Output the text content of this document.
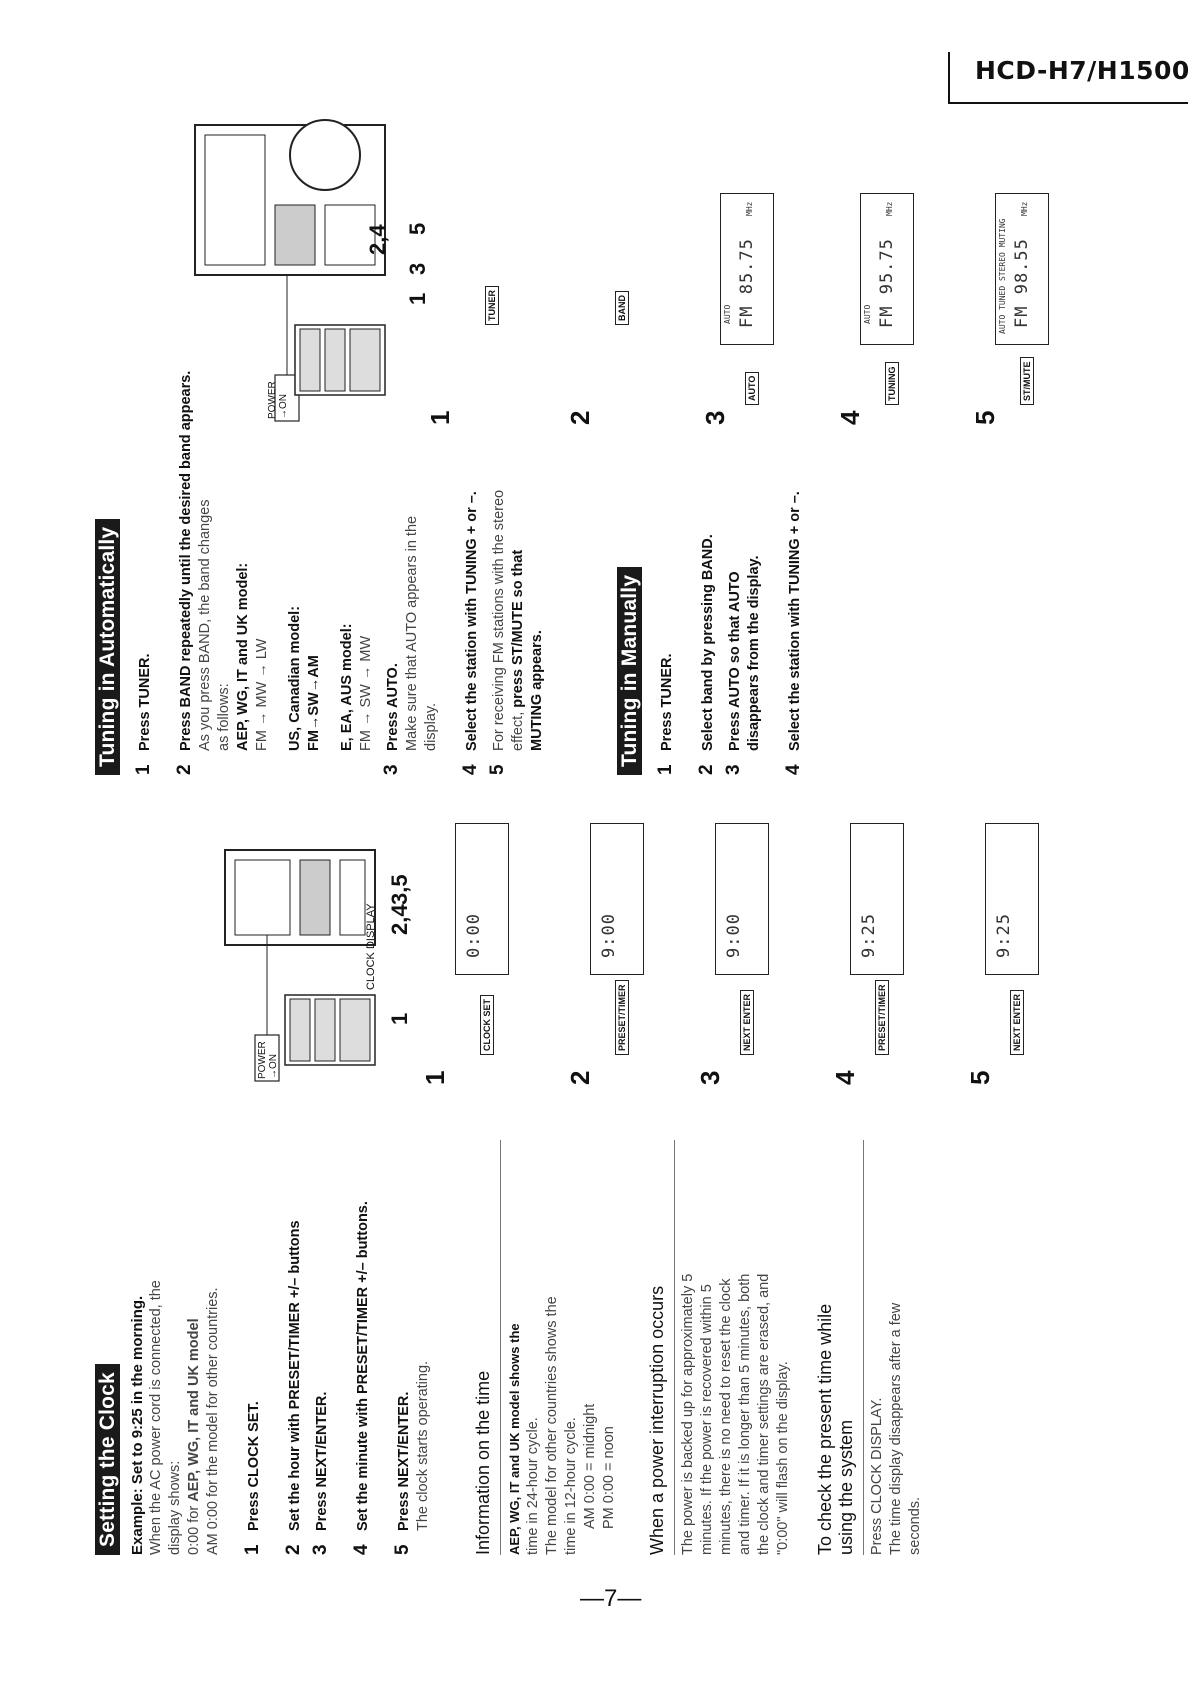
HCD-H7/H1500
Setting the Clock Example: Set to 9:25 in the morning. When the AC power cord is connected, the display shows: 0:00 for AEP, WG, IT and UK model AM 0:00 for the model for other countries. 1
Press CLOCK SET.
2
Set the hour with PRESET/TIMER +/– buttons
3
Press NEXT/ENTER.
4
Set the minute with PRESET/TIMER +/– buttons.
5
Press NEXT/ENTER. The clock starts operating. Information on the time	AEP, WG, IT and UK model shows the time in 24-hour cycle. The model for other countries shows the time in 12-hour cycle. AM 0:00 = midnight PM 0:00 = noon When a power interruption occurs The power is backed up for approximately 5 minutes. If the power is recovered within 5 minutes, there is no need to reset the clock and timer. If it is longer than 5 minutes, both the clock and timer settings are erased, and "0:00" will flash on the display. To check the present time while using the system Press CLOCK DISPLAY. The time display disappears after a few seconds.
POWER →ON
CLOCK DISPLAY
3,5
2,4
1
1
CLOCK SET
0:00
2
PRESET/TIMER
9:00
3
NEXT ENTER
9:00
4
PRESET/TIMER
9:25
5
NEXT ENTER
9:25
Tuning in Automatically
1
Press TUNER.
2
Press BAND repeatedly until the desired band appears. As you press BAND, the band changes as follows: AEP, WG, IT and UK model: FM → MW → LW US, Canadian model: FM→SW→AM E, EA, AUS model: FM → SW → MW
3
Press AUTO. Make sure that AUTO appears in the display.
4
Select the station with TUNING + or –.
5
For receiving FM stations with the stereo effect, press ST/MUTE so that MUTING appears.	Tuning in Manually
1
Press TUNER.
2
Select band by pressing BAND.
3
Press AUTO so that AUTO disappears from the display.
4
Select the station with TUNING + or –.
POWER →ON
2,4 5
3
1
1
TUNER
2
BAND
3
AUTO
AUTO FM 85.75
MHz
4
TUNING
AUTO FM 95.75
MHz
5
ST/MUTE
AUTO TUNED STEREO MUTING FM 98.55
MHz
—7—
